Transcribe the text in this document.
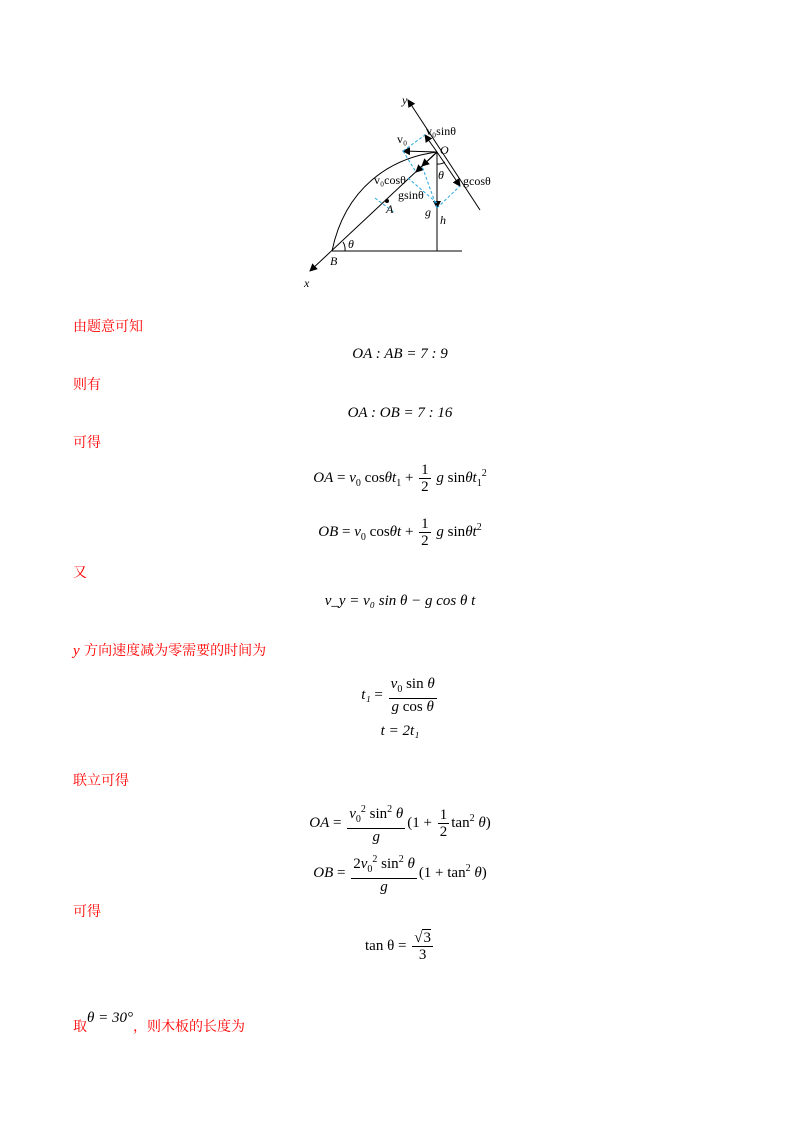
y
x
O
A
B
h
v₀
v₀sinθ
v₀cosθ
gsinθ
gcosθ
g
θ
θ
由题意可知
OA : AB = 7 : 9
则有
OA : OB = 7 : 16
可得
OA = $v_0$ $\cos\theta t_1 + \frac{1}{2}$ g sinθt$_1^2$
OB = $v_0$ $\cos\theta t + \frac{1}{2}$ g sinθt$^2$
又
v_y = v₀ sin θ − g cos θ t
y 方向速度减为零需要的时间为
$t_1 = \frac{v_0 \sin \theta}{\text{g cos θ}}$
t = 2t₁
联立可得
OA = $\frac{v_0^2 \sin^2 \theta}{g} (1 + \frac{1}{2} \tan^2 \theta)$
OB = $\frac{2v_0^2 \sin^2 \theta}{g} (1 + \tan^2 \theta)$
可得
$\tan \theta = \frac{√3}{3}$
取θ = 30°，则木板的长度为
